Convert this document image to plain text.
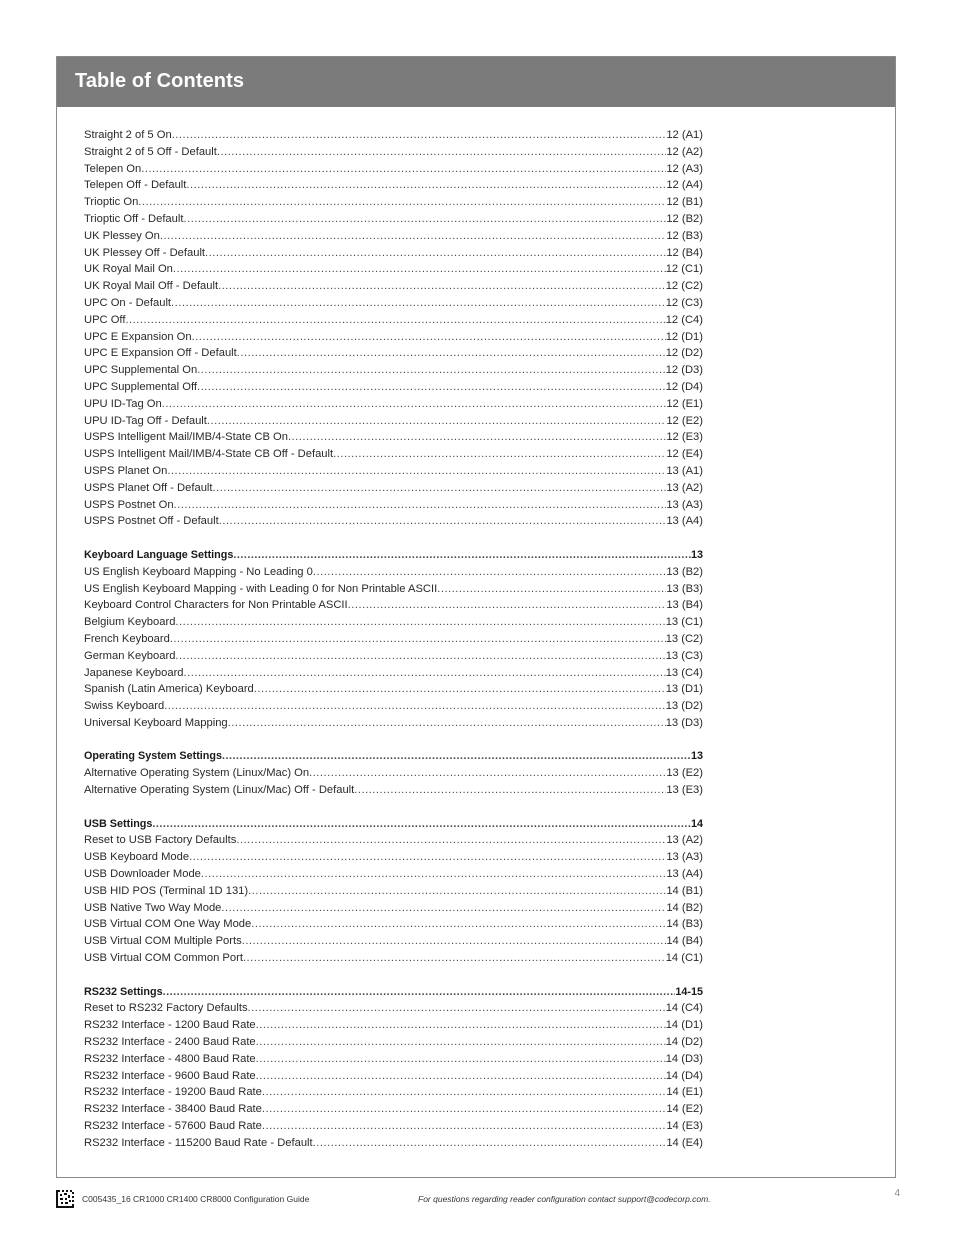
Table of Contents
Straight 2 of 5 On .....	12 (A1)
Straight 2 of 5 Off - Default .....	12 (A2)
Telepen On .....	12 (A3)
Telepen Off - Default .....	12 (A4)
Trioptic On .....	12 (B1)
Trioptic Off - Default .....	12 (B2)
UK Plessey On .....	12 (B3)
UK Plessey Off - Default .....	12 (B4)
UK Royal Mail On .....	12 (C1)
UK Royal Mail Off - Default .....	12 (C2)
UPC On - Default .....	12 (C3)
UPC Off .....	12 (C4)
UPC E Expansion On .....	12 (D1)
UPC E Expansion Off - Default .....	12 (D2)
UPC Supplemental On .....	12 (D3)
UPC Supplemental Off .....	12 (D4)
UPU ID-Tag On .....	12 (E1)
UPU ID-Tag Off - Default .....	12 (E2)
USPS Intelligent Mail/IMB/4-State CB On .....	12 (E3)
USPS Intelligent Mail/IMB/4-State CB Off - Default .....	12 (E4)
USPS Planet On .....	13 (A1)
USPS Planet Off - Default .....	13 (A2)
USPS Postnet On .....	13 (A3)
USPS Postnet Off - Default .....	13 (A4)
Keyboard Language Settings .....	13
US English Keyboard Mapping - No Leading 0 .....	13 (B2)
US English Keyboard Mapping - with Leading 0 for Non Printable ASCII .....	13 (B3)
Keyboard Control Characters for Non Printable ASCII .....	13 (B4)
Belgium Keyboard .....	13 (C1)
French Keyboard .....	13 (C2)
German Keyboard .....	13 (C3)
Japanese Keyboard .....	13 (C4)
Spanish (Latin America) Keyboard .....	13 (D1)
Swiss Keyboard .....	13 (D2)
Universal Keyboard Mapping .....	13 (D3)
Operating System Settings .....	13
Alternative Operating System (Linux/Mac) On .....	13 (E2)
Alternative Operating System (Linux/Mac) Off - Default .....	13 (E3)
USB Settings .....	14
Reset to USB Factory Defaults .....	13 (A2)
USB Keyboard Mode .....	13 (A3)
USB Downloader Mode .....	13 (A4)
USB HID POS (Terminal 1D 131) .....	14 (B1)
USB Native Two Way Mode .....	14 (B2)
USB Virtual COM One Way Mode .....	14 (B3)
USB Virtual COM Multiple Ports .....	14 (B4)
USB Virtual COM Common Port .....	14 (C1)
RS232 Settings .....	14-15
Reset to RS232 Factory Defaults .....	14 (C4)
RS232 Interface - 1200 Baud Rate .....	14 (D1)
RS232 Interface - 2400 Baud Rate .....	14 (D2)
RS232 Interface - 4800 Baud Rate .....	14 (D3)
RS232 Interface - 9600 Baud Rate .....	14 (D4)
RS232 Interface - 19200 Baud Rate .....	14 (E1)
RS232 Interface - 38400 Baud Rate .....	14 (E2)
RS232 Interface - 57600 Baud Rate .....	14 (E3)
RS232 Interface - 115200 Baud Rate - Default .....	14 (E4)
C005435_16 CR1000 CR1400 CR8000 Configuration Guide	For questions regarding reader configuration contact support@codecorp.com.	4
